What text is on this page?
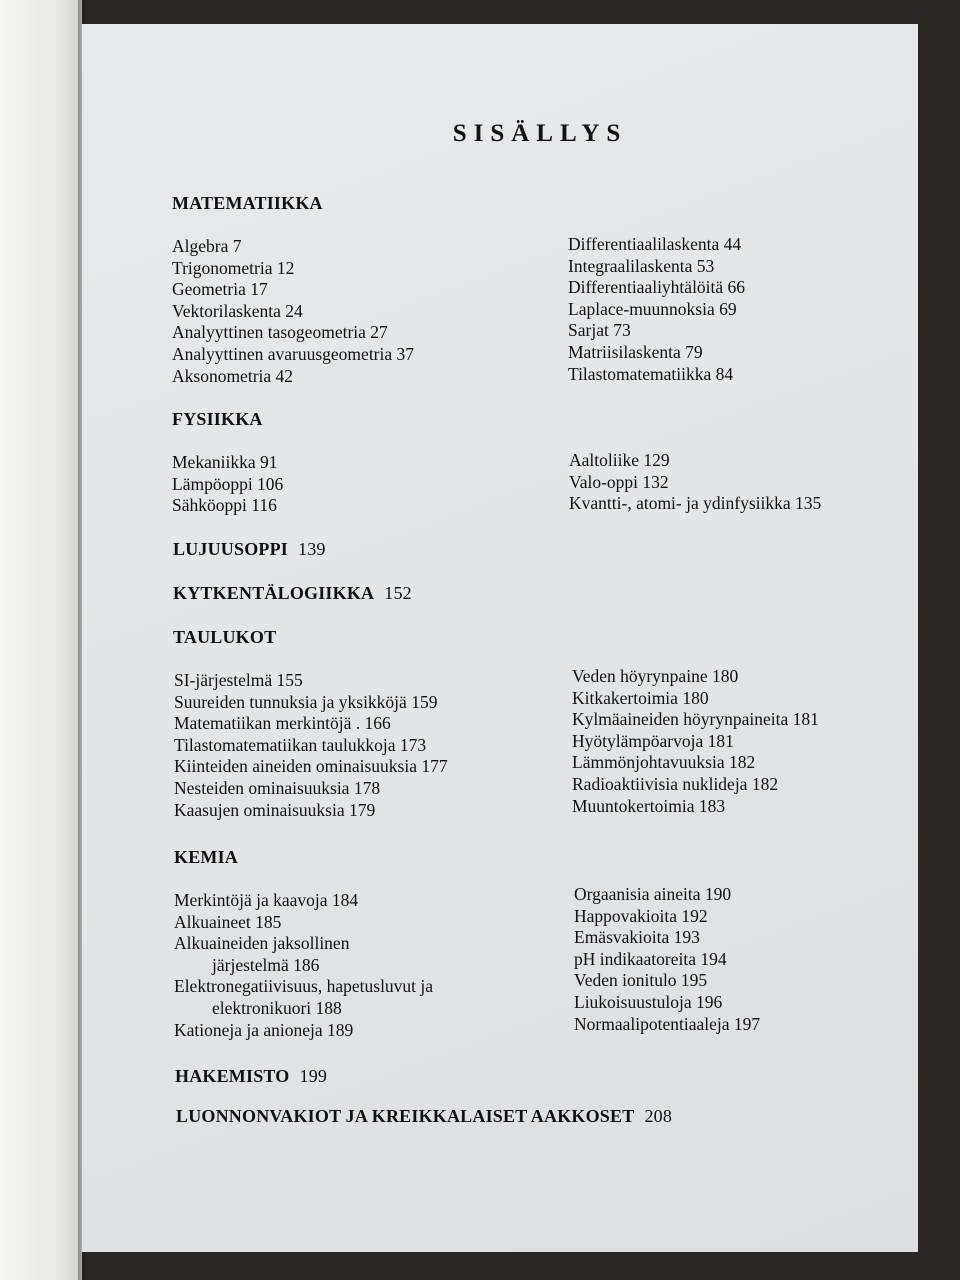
SISÄLLYS
MATEMATIIKKA
Algebra 7
Trigonometria 12
Geometria 17
Vektorilaskenta 24
Analyyttinen tasogeometria 27
Analyyttinen avaruusgeometria 37
Aksonometria 42
Differentiaalilaskenta 44
Integraalilaskenta 53
Differentiaaliyhtälöitä 66
Laplace-muunnoksia 69
Sarjat 73
Matriisilaskenta 79
Tilastomatematiikka 84
FYSIIKKA
Mekaniikka 91
Lämpöoppi 106
Sähköoppi 116
Aaltoliike 129
Valo-oppi 132
Kvantti-, atomi- ja ydinfysiikka 135
LUJUUSOPPI 139
KYTKENTÄLOGIIKKA 152
TAULUKOT
SI-järjestelmä 155
Suureiden tunnuksia ja yksikköjä 159
Matematiikan merkintöjä . 166
Tilastomatematiikan taulukkoja 173
Kiinteiden aineiden ominaisuuksia 177
Nesteiden ominaisuuksia 178
Kaasujen ominaisuuksia 179
Veden höyrynpaine 180
Kitkakertoimia 180
Kylmäaineiden höyrynpaineita 181
Hyötylämpöarvoja 181
Lämmönjohtavuuksia 182
Radioaktiivisia nuklideja 182
Muuntokertoimia 183
KEMIA
Merkintöjä ja kaavoja 184
Alkuaineet 185
Alkuaineiden jaksollinen
järjestelmä 186
Elektronegatiivisuus, hapetusluvut ja
elektronikuori 188
Kationeja ja anioneja 189
Orgaanisia aineita 190
Happovakioita 192
Emäsvakioita 193
pH indikaatoreita 194
Veden ionitulo 195
Liukoisuustuloja 196
Normaalipotentiaaleja 197
HAKEMISTO 199
LUONNONVAKIOT JA KREIKKALAISET AAKKOSET 208
